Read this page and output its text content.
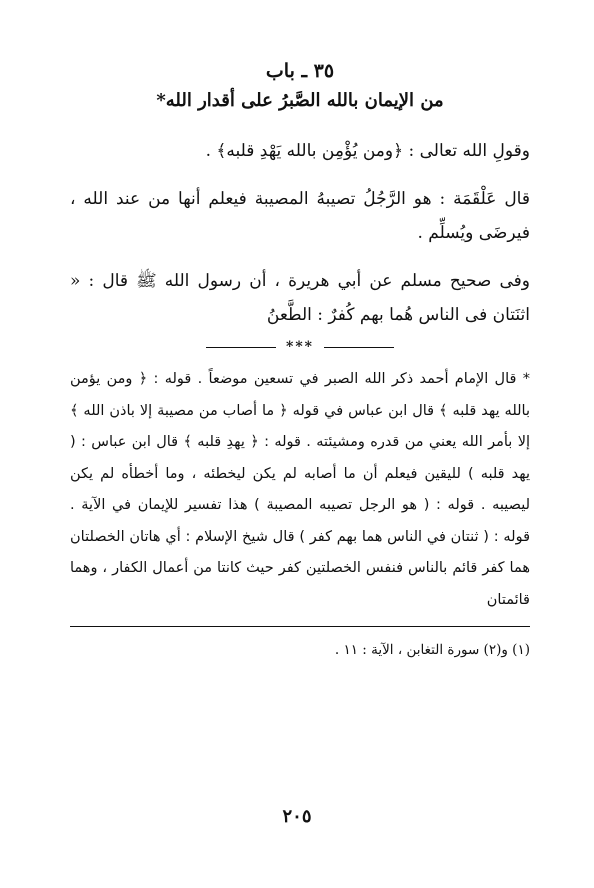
٣٥ ـ باب

من الإيمان بالله الصَّبرُ على أقدار الله*

وقولِ الله تعالى : ﴿ومن يُؤْمِن بالله يَهْدِ قلبه﴾ .

قال عَلْقَمَة : هو الرَّجُلُ تصيبهُ المصيبة فيعلم أنها من عند الله ، فيرضَى ويُسلِّم .

وفى صحيح مسلم عن أبي هريرة ، أن رسول الله ﷺ قال : « اثنَتان فى الناس هُما بهم كُفرٌ : الطَّعنُ

***

* قال الإمام أحمد ذكر الله الصبر في تسعين موضعاً . قوله : ﴿ ومن يؤمن بالله يهد قلبه ﴾ قال ابن عباس في قوله ﴿ ما أصاب من مصيبة إلا باذن الله ﴾ إلا بأمر الله يعني من قدره ومشيئته . قوله : ﴿ يهدِ قلبه ﴾ قال ابن عباس : ( يهد قلبه ) لليقين فيعلم أن ما أصابه لم يكن ليخطئه ، وما أخطأه لم يكن ليصيبه . قوله : ( هو الرجل تصيبه المصيبة ) هذا تفسير للإيمان في الآية . قوله : ( ثنتان في الناس هما بهم كفر ) قال شيخ الإسلام : أي هاتان الخصلتان هما كفر قائم بالناس فنفس الخصلتين كفر حيث كانتا من أعمال الكفار ، وهما قائمتان

(١) و(٢) سورة التغابن ، الآية : ١١ .

٢٠٥
